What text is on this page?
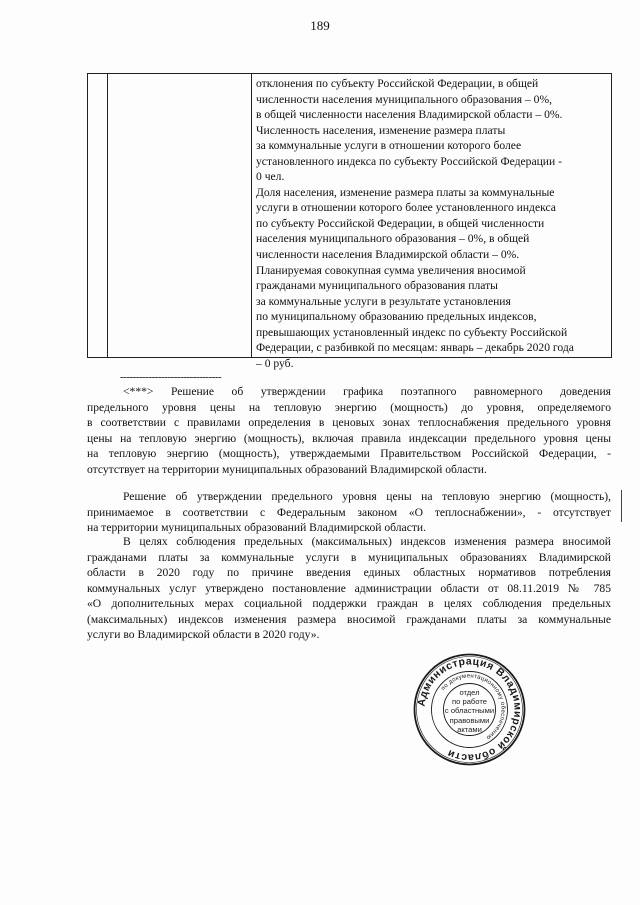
189

отклонения по субъекту Российской Федерации, в общей
численности населения муниципального образования – 0%,
в общей численности населения Владимирской области – 0%.
Численность населения, изменение размера платы
за коммунальные услуги в отношении которого более
установленного индекса по субъекту Российской Федерации -
0 чел.
Доля населения, изменение размера платы за коммунальные
услуги в отношении которого более установленного индекса
по субъекту Российской Федерации, в общей численности
населения муниципального образования – 0%, в общей
численности населения Владимирской области – 0%.
Планируемая совокупная сумма увеличения вносимой
гражданами муниципального образования платы
за коммунальные услуги в результате установления
по муниципальному образованию предельных индексов,
превышающих установленный индекс по субъекту Российской
Федерации, с разбивкой по месяцам: январь – декабрь 2020 года
– 0 руб.

--------------------------------

<***> Решение об утверждении графика поэтапного равномерного доведения
предельного уровня цены на тепловую энергию (мощность) до уровня, определяемого
в соответствии с правилами определения в ценовых зонах теплоснабжения предельного уровня
цены на тепловую энергию (мощность), включая правила индексации предельного уровня цены
на тепловую энергию (мощность), утверждаемыми Правительством Российской Федерации, -
отсутствует на территории муниципальных образований Владимирской области.

Решение об утверждении предельного уровня цены на тепловую энергию (мощность),
принимаемое в соответствии с Федеральным законом «О теплоснабжении», - отсутствует
на территории муниципальных образований Владимирской области.

В целях соблюдения предельных (максимальных) индексов изменения размера вносимой
гражданами платы за коммунальные услуги в муниципальных образованиях Владимирской
области в 2020 году по причине введения единых областных нормативов потребления
коммунальных услуг утверждено постановление администрации области от 08.11.2019 № 785
«О дополнительных мерах социальной поддержки граждан в целях соблюдения предельных
(максимальных) индексов изменения размера вносимой гражданами платы за коммунальные
услуги во Владимирской области в 2020 году».

Администрация Владимирской области
по документационному обеспечению
отдел
по работе
с областными
правовыми
актами
